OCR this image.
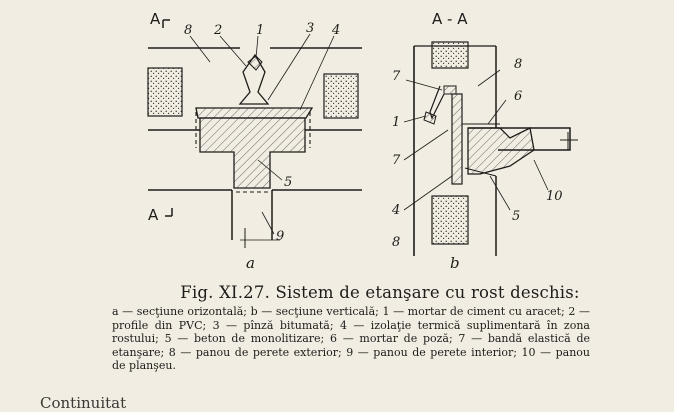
A
A
8 2	1	3 4
5
9
a
A - A
7
8
6
1
7
4	5
10
8
b
Fig. XI.27. Sistem de etanşare cu rost deschis:
a — secţiune orizontală; b — secţiune verticală; 1 — mortar de ciment cu aracet; 2 — profile din PVC; 3 — pînză bitumată; 4 — izolaţie termică suplimentară în zona rostului; 5 — beton de monolitizare; 6 — mortar de poză; 7 — bandă elastică de etanşare; 8 — panou de perete exterior; 9 — panou de perete interior; 10 — panou de planşeu.
Continuitat
